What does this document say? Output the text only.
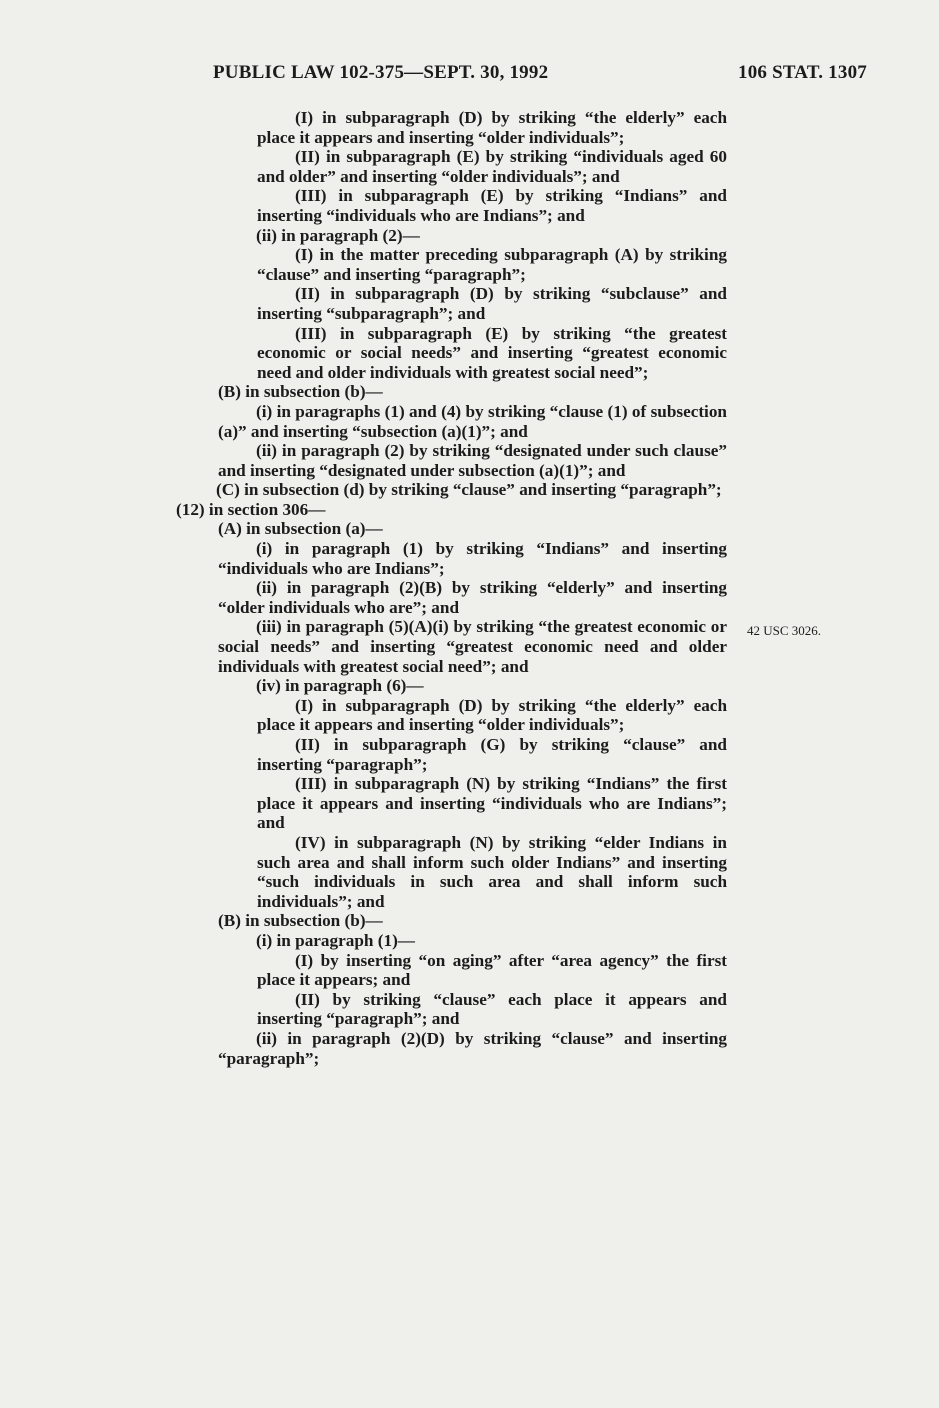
PUBLIC LAW 102-375—SEPT. 30, 1992	106 STAT. 1307

(I) in subparagraph (D) by striking “the elderly” each place it appears and inserting “older individuals”;

(II) in subparagraph (E) by striking “individuals aged 60 and older” and inserting “older individuals”; and

(III) in subparagraph (E) by striking “Indians” and inserting “individuals who are Indians”; and

(ii) in paragraph (2)—

(I) in the matter preceding subparagraph (A) by striking “clause” and inserting “paragraph”;

(II) in subparagraph (D) by striking “subclause” and inserting “subparagraph”; and

(III) in subparagraph (E) by striking “the greatest economic or social needs” and inserting “greatest economic need and older individuals with greatest social need”;

(B) in subsection (b)—

(i) in paragraphs (1) and (4) by striking “clause (1) of subsection (a)” and inserting “subsection (a)(1)”; and

(ii) in paragraph (2) by striking “designated under such clause” and inserting “designated under subsection (a)(1)”; and

(C) in subsection (d) by striking “clause” and inserting “paragraph”;

(12) in section 306—

(A) in subsection (a)—

(i) in paragraph (1) by striking “Indians” and inserting “individuals who are Indians”;

(ii) in paragraph (2)(B) by striking “elderly” and inserting “older individuals who are”; and

(iii) in paragraph (5)(A)(i) by striking “the greatest economic or social needs” and inserting “greatest economic need and older individuals with greatest social need”; and

(iv) in paragraph (6)—

(I) in subparagraph (D) by striking “the elderly” each place it appears and inserting “older individuals”;

(II) in subparagraph (G) by striking “clause” and inserting “paragraph”;

(III) in subparagraph (N) by striking “Indians” the first place it appears and inserting “individuals who are Indians”; and

(IV) in subparagraph (N) by striking “elder Indians in such area and shall inform such older Indians” and inserting “such individuals in such area and shall inform such individuals”; and

(B) in subsection (b)—

(i) in paragraph (1)—

(I) by inserting “on aging” after “area agency” the first place it appears; and

(II) by striking “clause” each place it appears and inserting “paragraph”; and

(ii) in paragraph (2)(D) by striking “clause” and inserting “paragraph”;

42 USC 3026.
